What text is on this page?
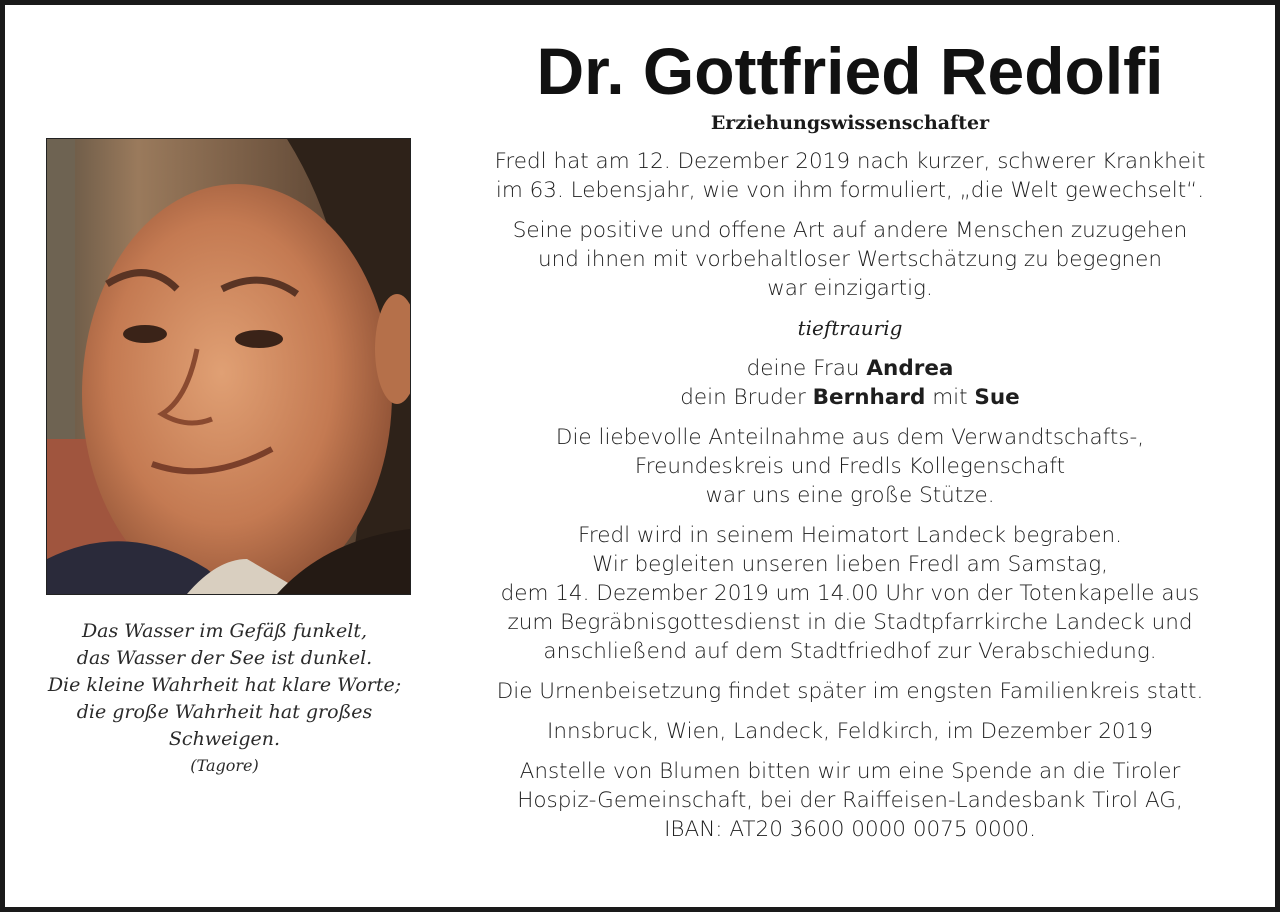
Das Wasser im Gefäß funkelt,
das Wasser der See ist dunkel.
Die kleine Wahrheit hat klare Worte;
die große Wahrheit hat großes
Schweigen.
(Tagore)
Dr. Gottfried Redolfi
Erziehungswissenschafter
Fredl hat am 12. Dezember 2019 nach kurzer, schwerer Krankheit
im 63. Lebensjahr, wie von ihm formuliert, „die Welt gewechselt“.
Seine positive und offene Art auf andere Menschen zuzugehen
und ihnen mit vorbehaltloser Wertschätzung zu begegnen
war einzigartig.
tieftraurig
deine Frau Andrea
dein Bruder Bernhard mit Sue
Die liebevolle Anteilnahme aus dem Verwandtschafts-,
Freundeskreis und Fredls Kollegenschaft
war uns eine große Stütze.
Fredl wird in seinem Heimatort Landeck begraben.
Wir begleiten unseren lieben Fredl am Samstag,
dem 14. Dezember 2019 um 14.00 Uhr von der Totenkapelle aus
zum Begräbnisgottesdienst in die Stadtpfarrkirche Landeck und
anschließend auf dem Stadtfriedhof zur Verabschiedung.
Die Urnenbeisetzung findet später im engsten Familienkreis statt.
Innsbruck, Wien, Landeck, Feldkirch, im Dezember 2019
Anstelle von Blumen bitten wir um eine Spende an die Tiroler
Hospiz-Gemeinschaft, bei der Raiffeisen-Landesbank Tirol AG,
IBAN: AT20 3600 0000 0075 0000.
